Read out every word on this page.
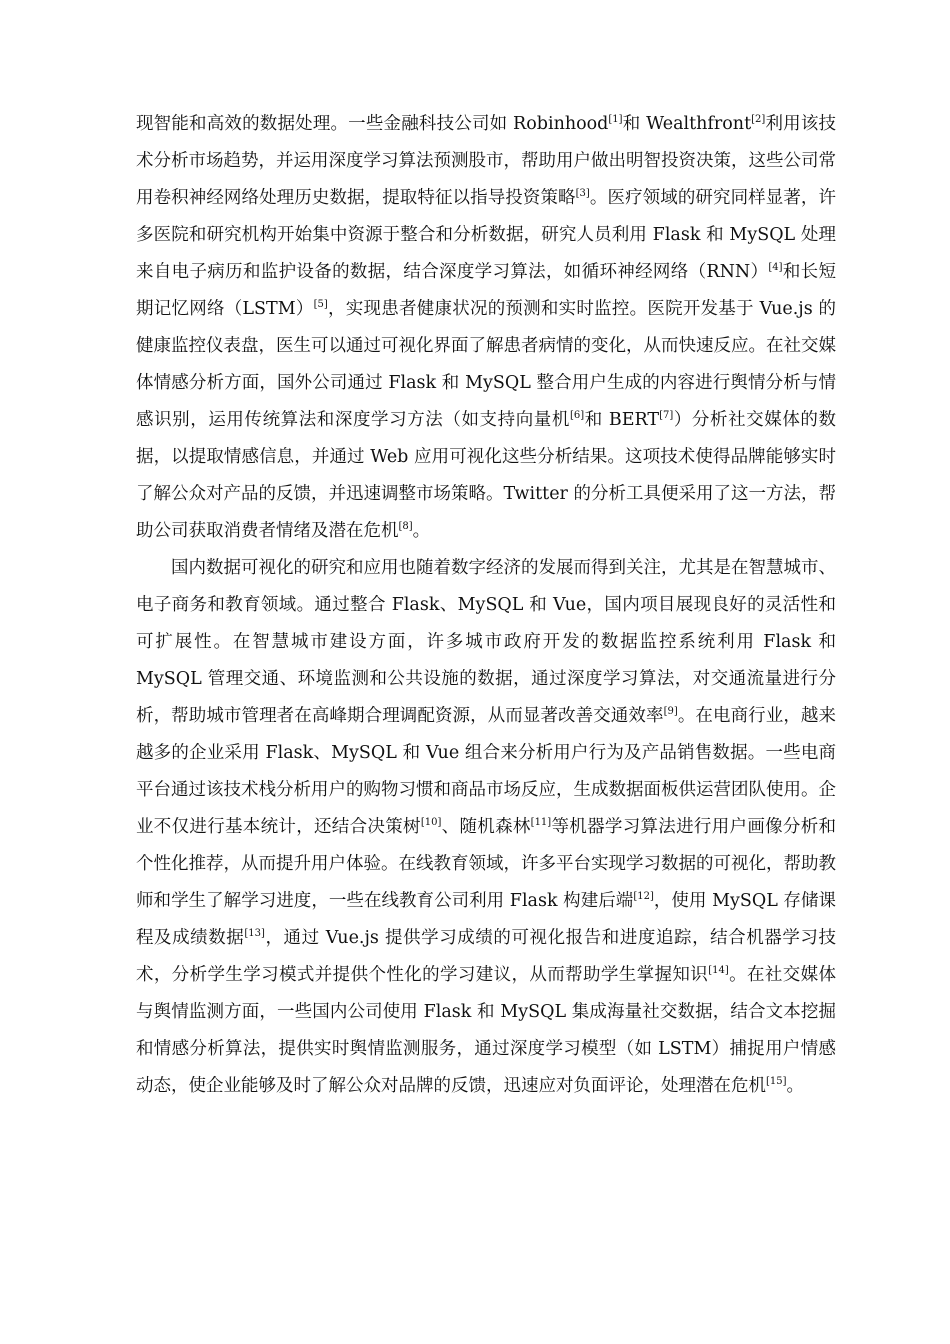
现智能和高效的数据处理。一些金融科技公司如 Robinhood[1]和 Wealthfront[2]利用该技术分析市场趋势，并运用深度学习算法预测股市，帮助用户做出明智投资决策，这些公司常用卷积神经网络处理历史数据，提取特征以指导投资策略[3]。医疗领域的研究同样显著，许多医院和研究机构开始集中资源于整合和分析数据，研究人员利用 Flask 和 MySQL 处理来自电子病历和监护设备的数据，结合深度学习算法，如循环神经网络（RNN）[4]和长短期记忆网络（LSTM）[5]，实现患者健康状况的预测和实时监控。医院开发基于 Vue.js 的健康监控仪表盘，医生可以通过可视化界面了解患者病情的变化，从而快速反应。在社交媒体情感分析方面，国外公司通过 Flask 和 MySQL 整合用户生成的内容进行舆情分析与情感识别，运用传统算法和深度学习方法（如支持向量机[6]和 BERT[7]）分析社交媒体的数据，以提取情感信息，并通过 Web 应用可视化这些分析结果。这项技术使得品牌能够实时了解公众对产品的反馈，并迅速调整市场策略。Twitter 的分析工具便采用了这一方法，帮助公司获取消费者情绪及潜在危机[8]。

国内数据可视化的研究和应用也随着数字经济的发展而得到关注，尤其是在智慧城市、电子商务和教育领域。通过整合 Flask、MySQL 和 Vue，国内项目展现良好的灵活性和可扩展性。在智慧城市建设方面，许多城市政府开发的数据监控系统利用 Flask 和 MySQL 管理交通、环境监测和公共设施的数据，通过深度学习算法，对交通流量进行分析，帮助城市管理者在高峰期合理调配资源，从而显著改善交通效率[9]。在电商行业，越来越多的企业采用 Flask、MySQL 和 Vue 组合来分析用户行为及产品销售数据。一些电商平台通过该技术栈分析用户的购物习惯和商品市场反应，生成数据面板供运营团队使用。企业不仅进行基本统计，还结合决策树[10]、随机森林[11]等机器学习算法进行用户画像分析和个性化推荐，从而提升用户体验。在线教育领域，许多平台实现学习数据的可视化，帮助教师和学生了解学习进度，一些在线教育公司利用 Flask 构建后端[12]，使用 MySQL 存储课程及成绩数据[13]，通过 Vue.js 提供学习成绩的可视化报告和进度追踪，结合机器学习技术，分析学生学习模式并提供个性化的学习建议，从而帮助学生掌握知识[14]。在社交媒体与舆情监测方面，一些国内公司使用 Flask 和 MySQL 集成海量社交数据，结合文本挖掘和情感分析算法，提供实时舆情监测服务，通过深度学习模型（如 LSTM）捕捉用户情感动态，使企业能够及时了解公众对品牌的反馈，迅速应对负面评论，处理潜在危机[15]。
